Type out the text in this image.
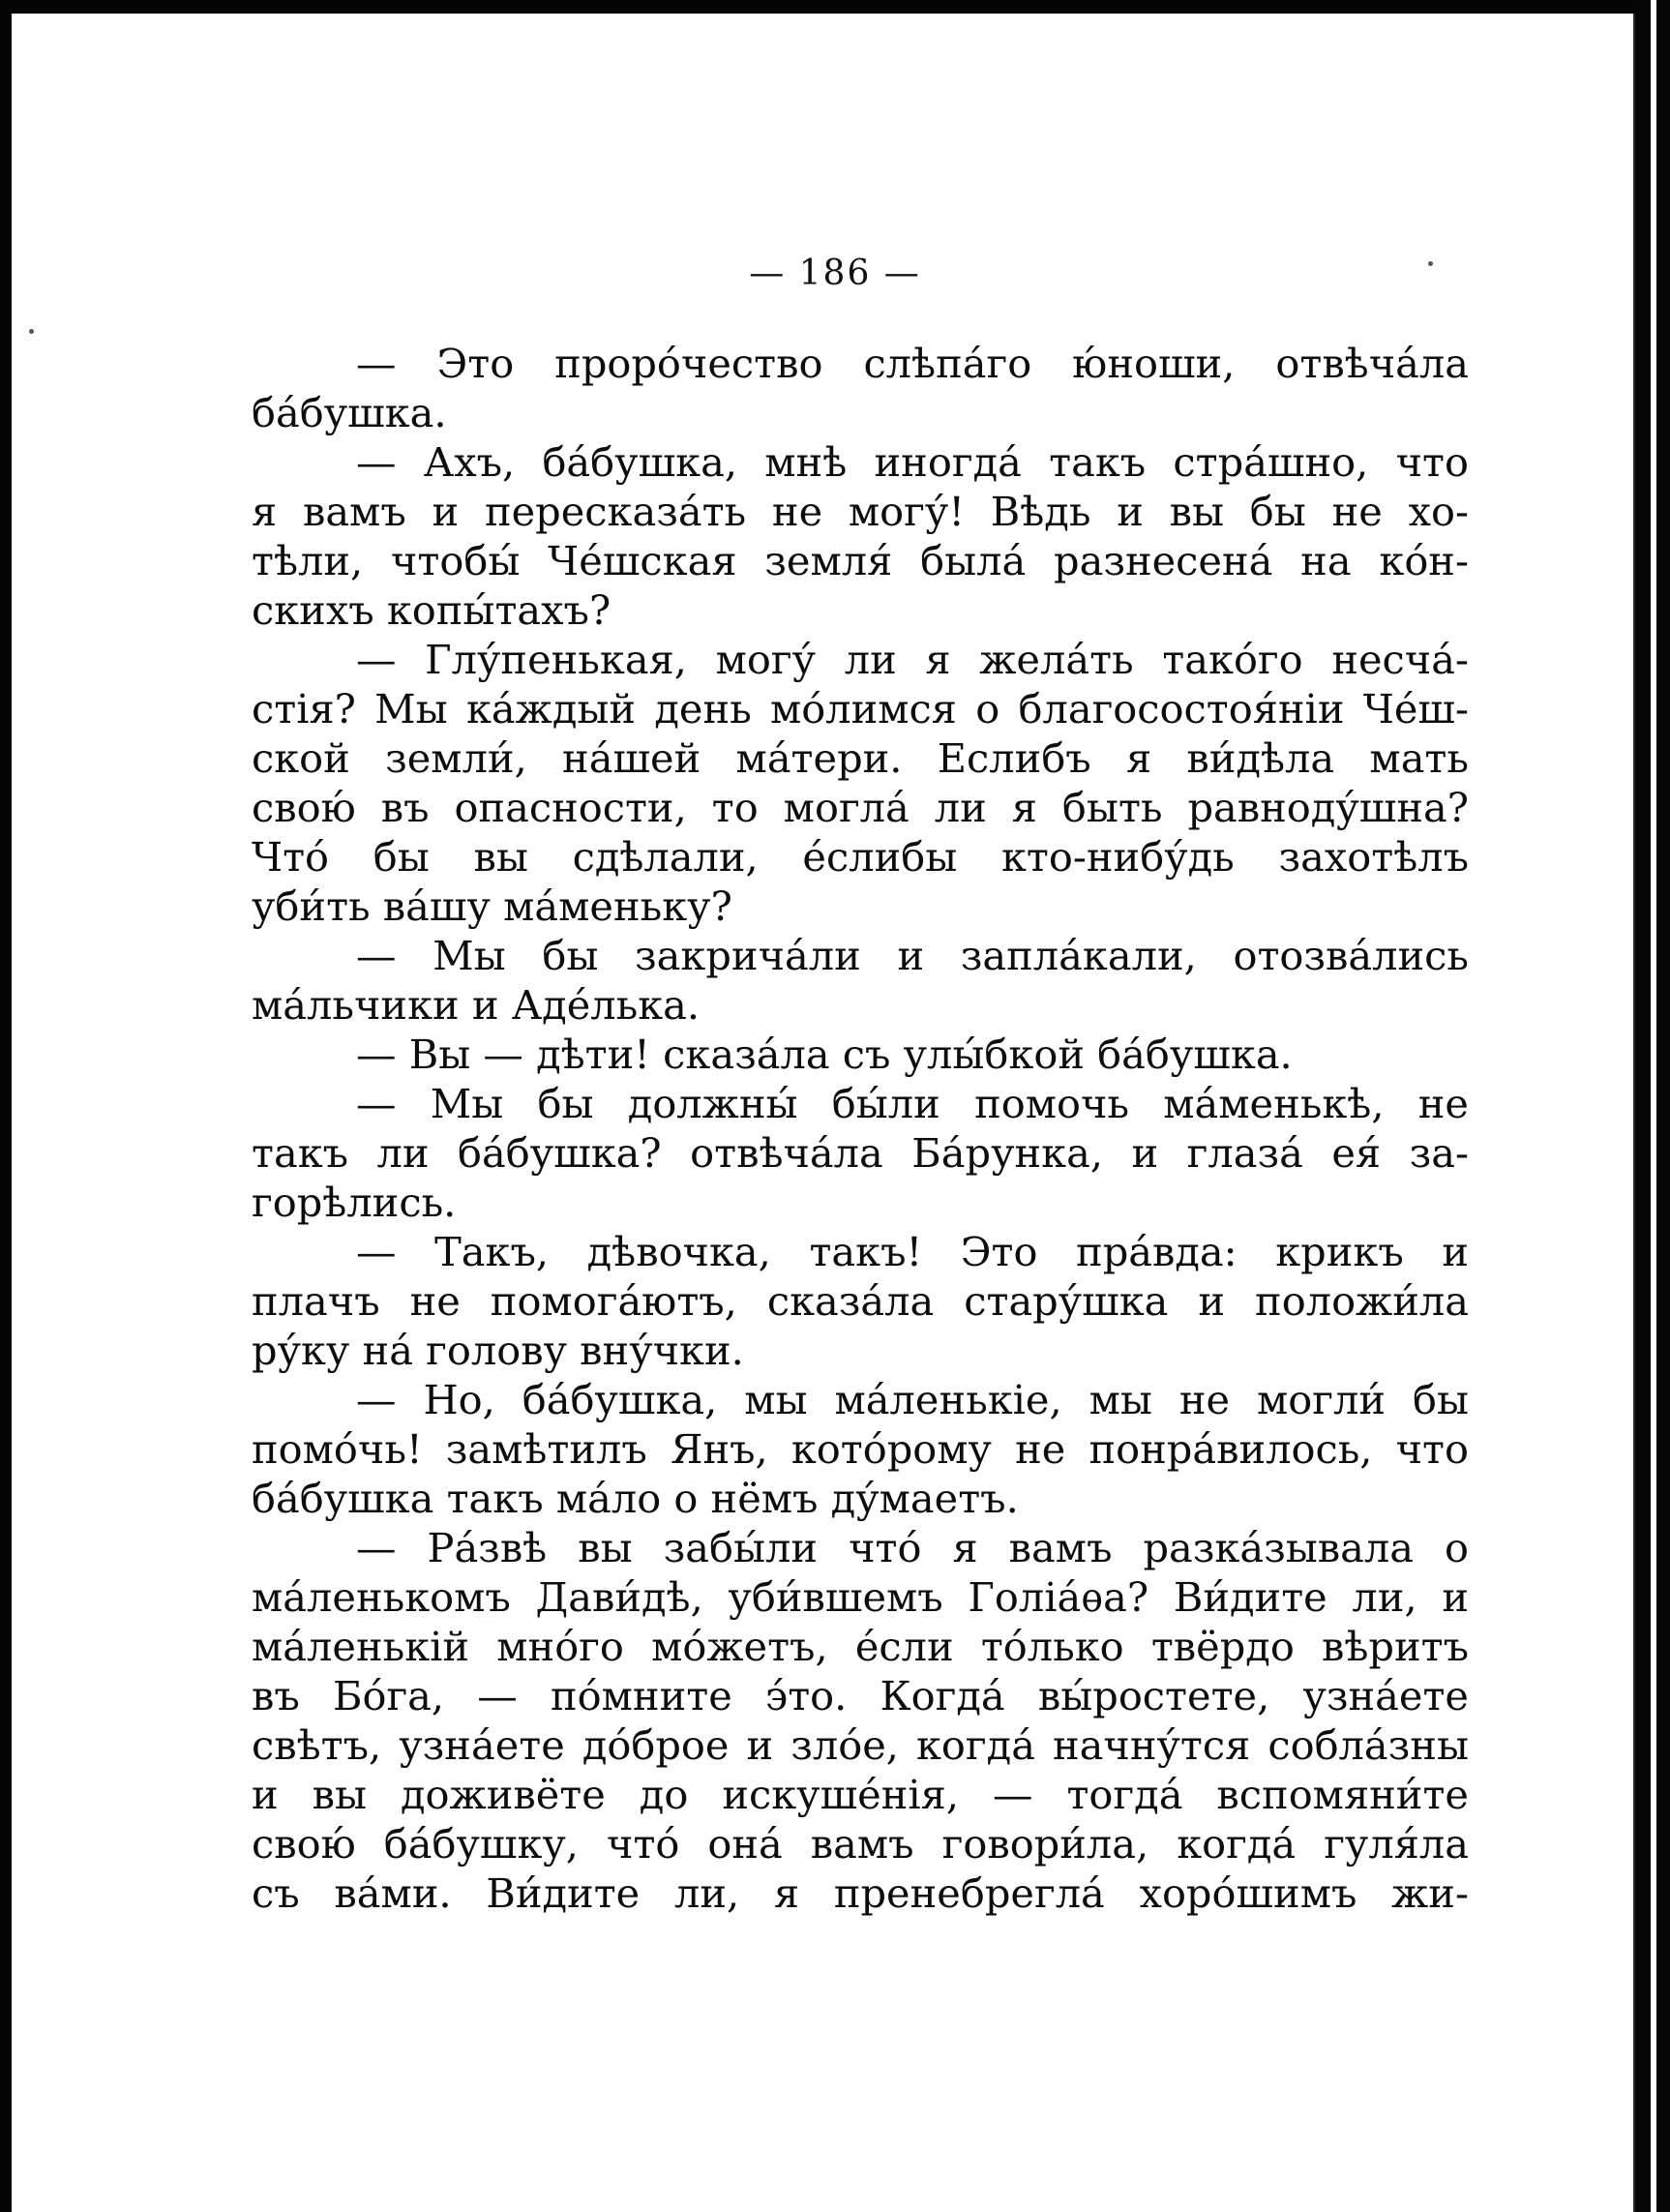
— 186 —
— Это проро́чество слѣпа́го ю́ноши, отвѣча́ла
ба́бушка.
— Ахъ, ба́бушка, мнѣ иногда́ такъ стра́шно, что
я вамъ и пересказа́ть не могу́! Вѣдь и вы бы не хо-
тѣли, чтобы́ Че́шская земля́ была́ разнесена́ на ко́н-
скихъ копы́тахъ?
— Глу́пенькая, могу́ ли я жела́ть тако́го несча́-
стія? Мы ка́ждый день мо́лимся о благосостоя́ніи Че́ш-
ской земли́, на́шей ма́тери. Еслибъ я ви́дѣла мать
свою́ въ опасности, то могла́ ли я быть равноду́шна?
Что́ бы вы сдѣлали, е́слибы кто-нибу́дь захотѣлъ
уби́ть ва́шу ма́меньку?
— Мы бы закрича́ли и запла́кали, отозва́лись
ма́льчики и Аде́лька.
— Вы — дѣти! сказа́ла съ улы́бкой ба́бушка.
— Мы бы должны́ бы́ли помочь ма́менькѣ, не
такъ ли ба́бушка? отвѣча́ла Ба́рунка, и глаза́ ея́ за-
горѣлись.
— Такъ, дѣвочка, такъ! Это пра́вда: крикъ и
плачъ не помога́ютъ, сказа́ла стару́шка и положи́ла
ру́ку на́ голову вну́чки.
— Но, ба́бушка, мы ма́ленькіе, мы не могли́ бы
помо́чь! замѣтилъ Янъ, кото́рому не понра́вилось, что
ба́бушка такъ ма́ло о нёмъ ду́маетъ.
— Ра́звѣ вы забы́ли что́ я вамъ разка́зывала о
ма́ленькомъ Дави́дѣ, уби́вшемъ Голіа́ѳа? Ви́дите ли, и
ма́ленькій мно́го мо́жетъ, е́сли то́лько твёрдо вѣритъ
въ Бо́га, — по́мните э́то. Когда́ вы́ростете, узна́ете
свѣтъ, узна́ете до́брое и зло́е, когда́ начну́тся собла́зны
и вы доживёте до искуше́нія, — тогда́ вспомяни́те
свою́ ба́бушку, что́ она́ вамъ говори́ла, когда́ гуля́ла
съ ва́ми. Ви́дите ли, я пренебрегла́ хоро́шимъ жи-
